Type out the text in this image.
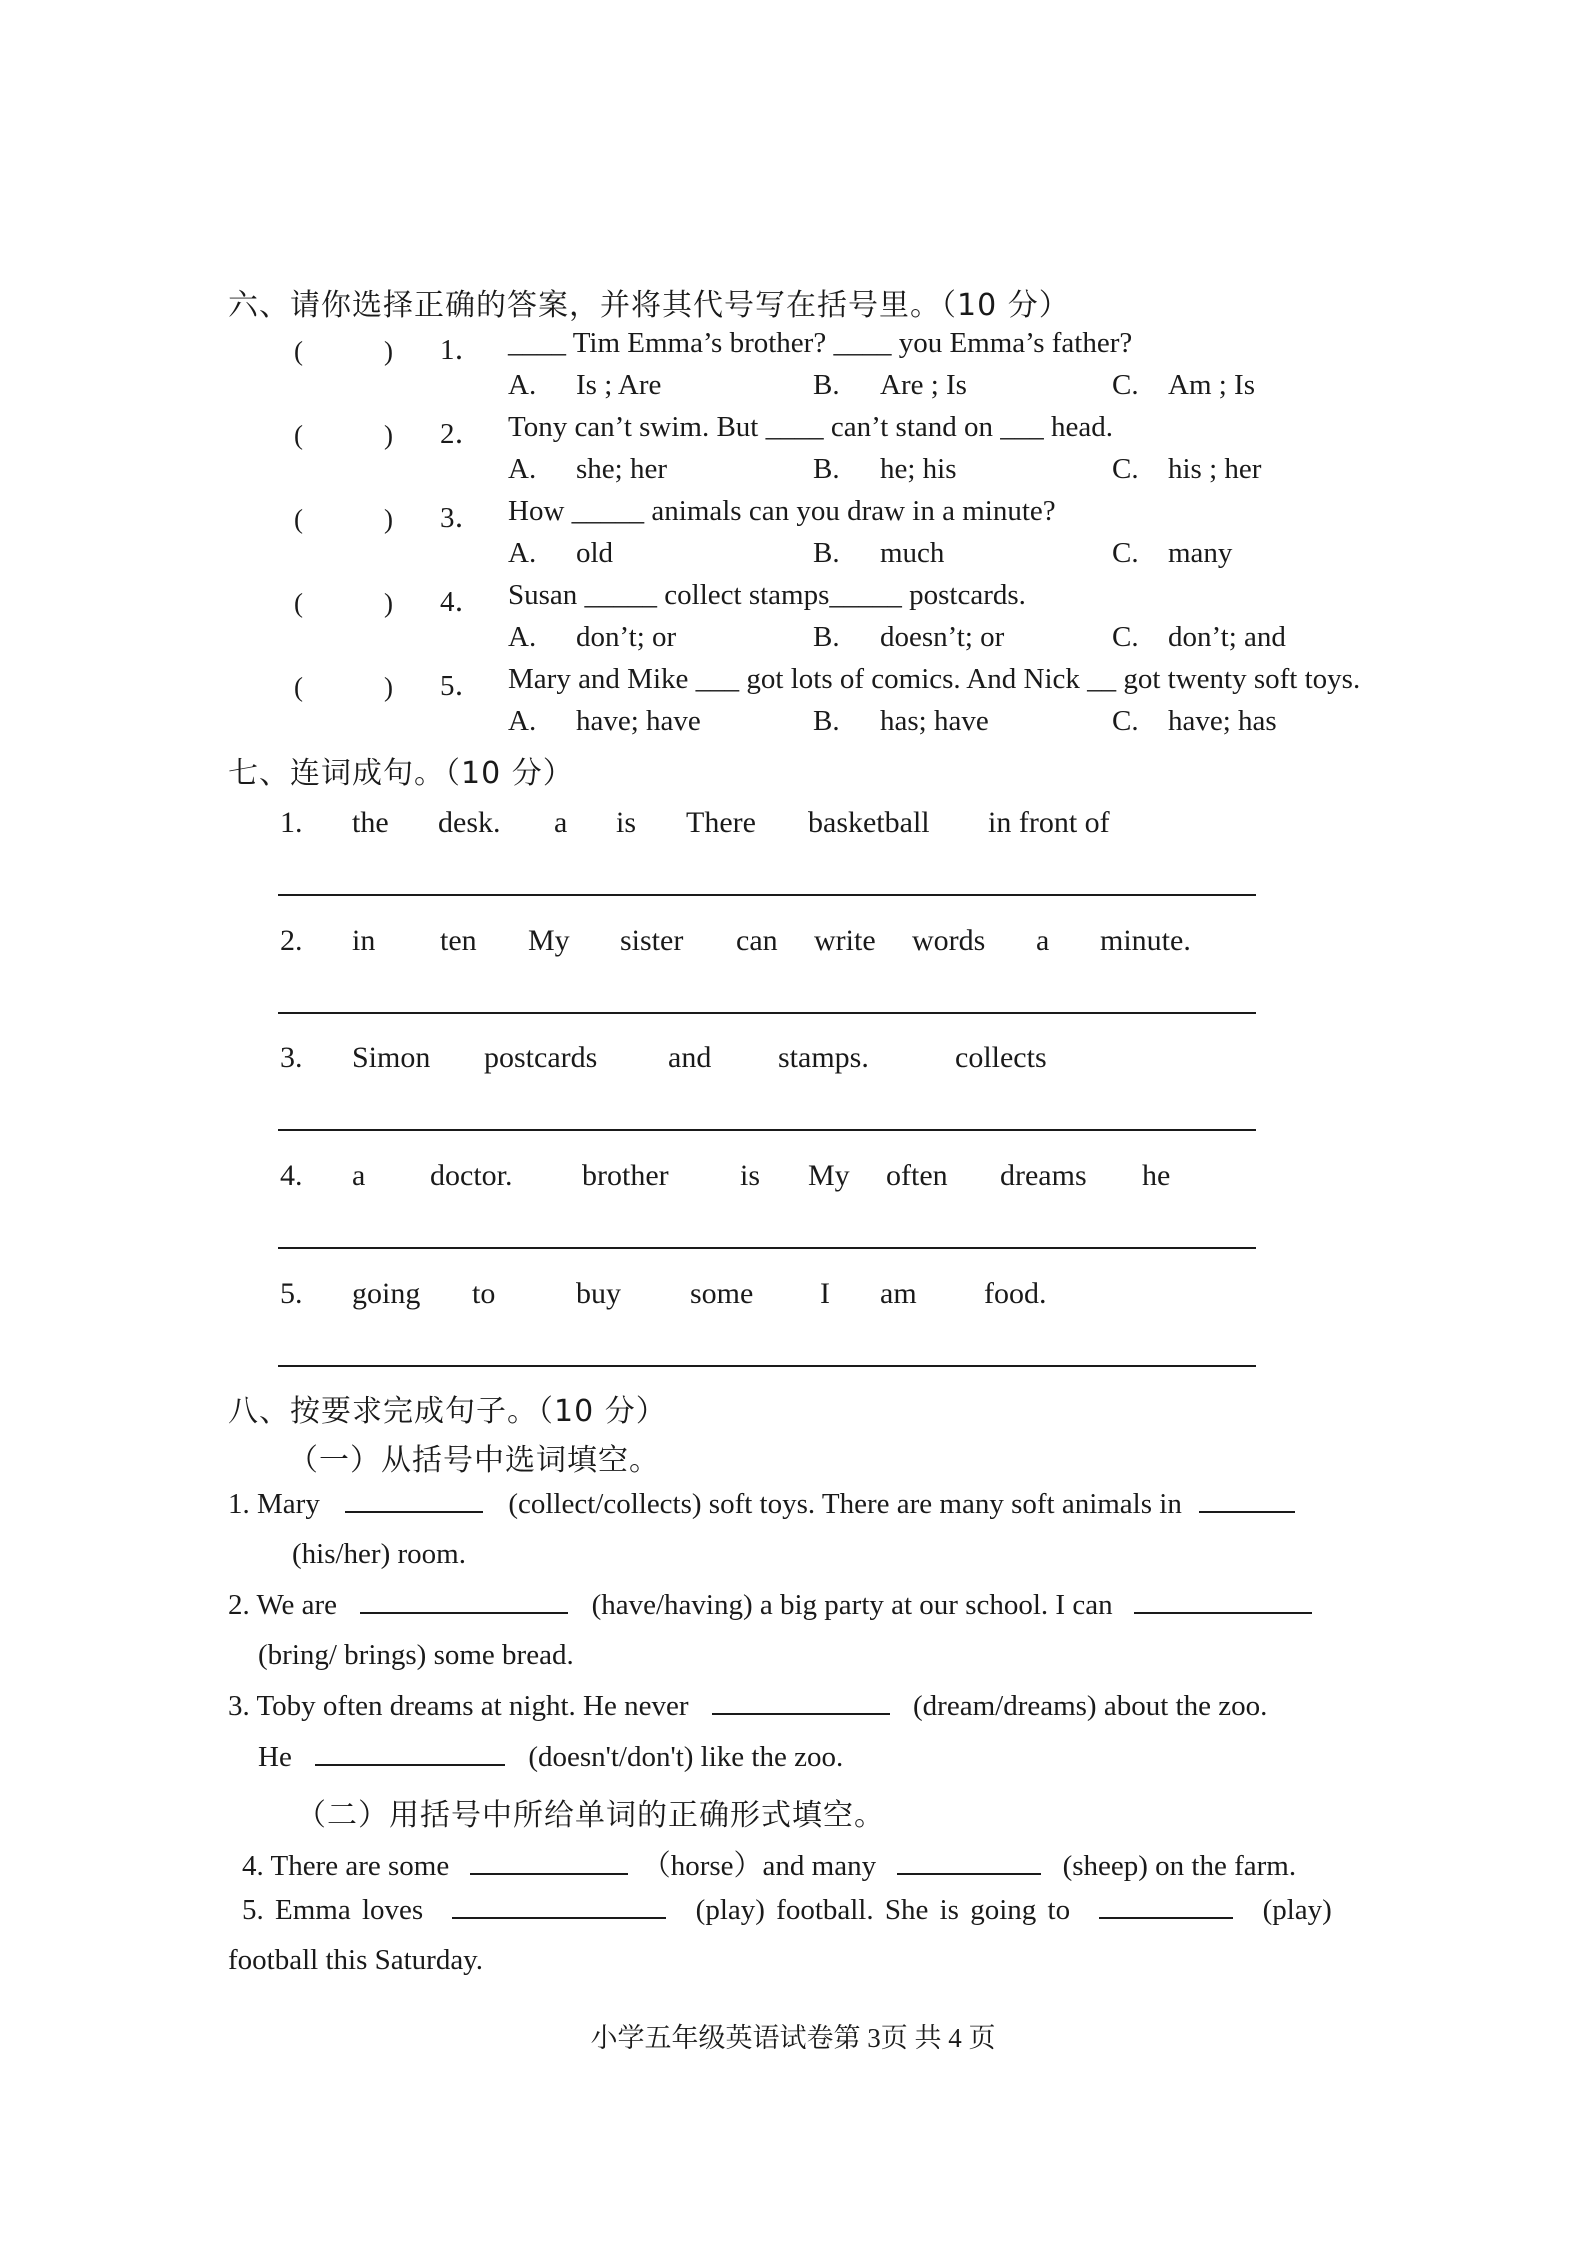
六、请你选择正确的答案，并将其代号写在括号里。（10 分）
(　　　) 1． ____ Tim Emma’s brother? ____ you Emma’s father?
A. Is ; Are	B. Are ; Is	C. Am ; Is
(　　　) 2． Tony can’t swim. But ____ can’t stand on ___ head.
A. she; her	B. he; his	C. his ; her
(　　　) 3． How _____ animals can you draw in a minute?
A. old	B. much	C. many
(　　　) 4． Susan _____ collect stamps_____ postcards.
A. don’t; or	B. doesn’t; or	C. don’t; and
(　　　) 5． Mary and Mike ___ got lots of comics. And Nick __ got twenty soft toys.
A. have; have	B. has; have	C. have; has
七、连词成句。（10 分）
1. the desk. a is There basketball in front of
2. in ten My sister can write words a minute.
3. Simon postcards and stamps.	collects
4. a doctor. brother is My often dreams he
5. going to	buy some I am food.
八、按要求完成句子。（10 分）
（一）从括号中选词填空。
1. Mary	(collect/collects) soft toys. There are many soft animals in
(his/her) room.
2. We are	(have/having) a big party at our school. I can
(bring/ brings) some bread.
3. Toby often dreams at night. He never	(dream/dreams) about the zoo.
He	(doesn't/don't) like the zoo.
（二）用括号中所给单词的正确形式填空。
4. There are some	（horse）and many	(sheep) on the farm.
5. Emma loves	(play) football. She is going to	(play)
football this Saturday.
小学五年级英语试卷第 3页 共 4 页
